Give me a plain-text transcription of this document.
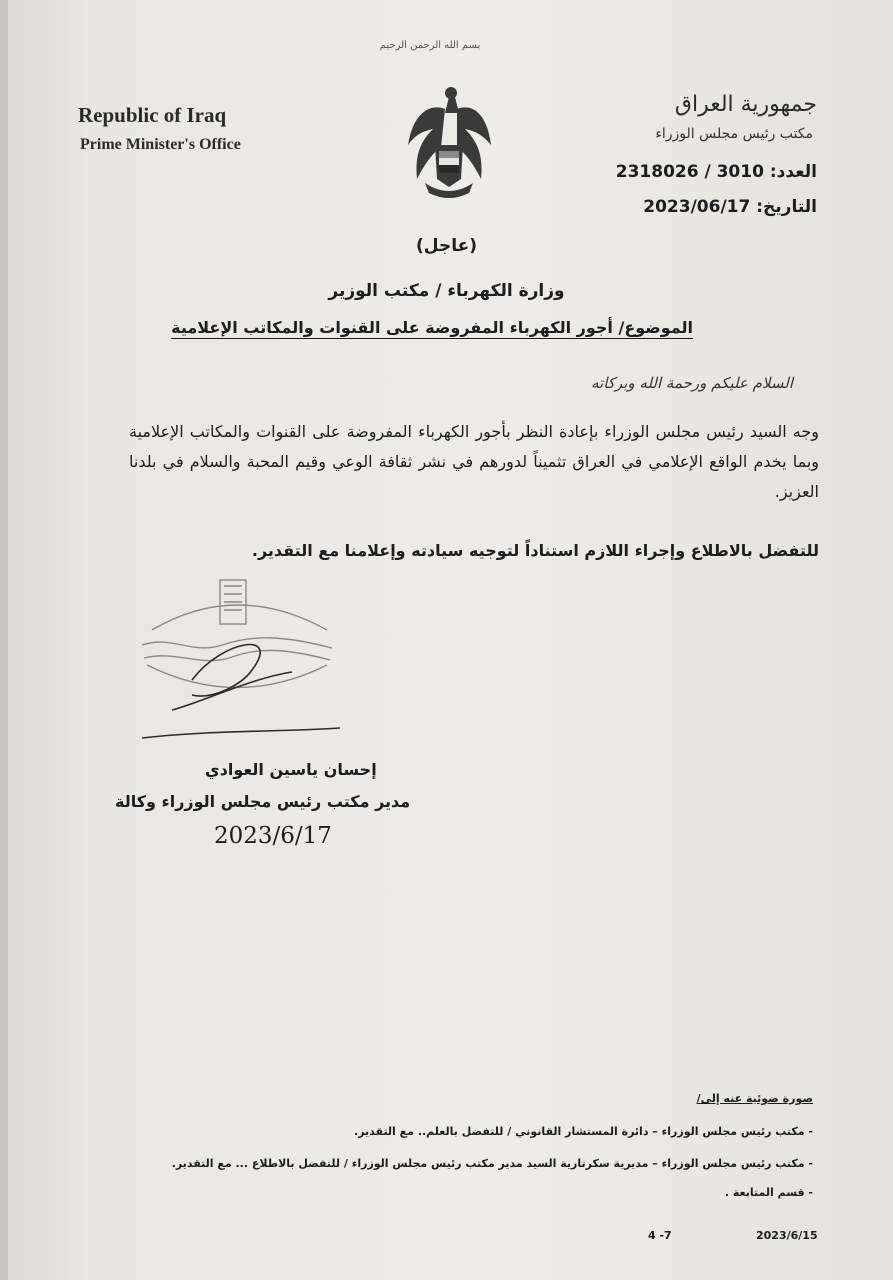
بسم الله الرحمن الرحيم
Republic of Iraq
Prime Minister's Office
جمهورية العراق
مكتب رئيس مجلس الوزراء
العدد: 2318026 / 3010
التاريخ: 2023/06/17
(عاجل)
وزارة الكهرباء / مكتب الوزير
الموضوع/ أجور الكهرباء المفروضة على القنوات والمكاتب الإعلامية
السلام عليكم ورحمة الله وبركاته
وجه السيد رئيس مجلس الوزراء بإعادة النظر بأجور الكهرباء المفروضة على القنوات والمكاتب الإعلامية وبما يخدم الواقع الإعلامي في العراق تثميناً لدورهم في نشر ثقافة الوعي وقيم المحبة والسلام في بلدنا العزيز.
للتفضل بالاطلاع وإجراء اللازم استناداً لتوجيه سيادته وإعلامنا مع التقدير.
إحسان ياسين العوادي
مدير مكتب رئيس مجلس الوزراء وكالة
2023/6/17
صورة ضوئية عنه إلى/
- مكتب رئيس مجلس الوزراء – دائرة المستشار القانوني / للتفضل بالعلم.. مع التقدير.
- مكتب رئيس مجلس الوزراء – مديرية سكرتارية السيد مدير مكتب رئيس مجلس الوزراء / للتفضل بالاطلاع ... مع التقدير.
- قسم المتابعة .
2023/6/15
4 -7
